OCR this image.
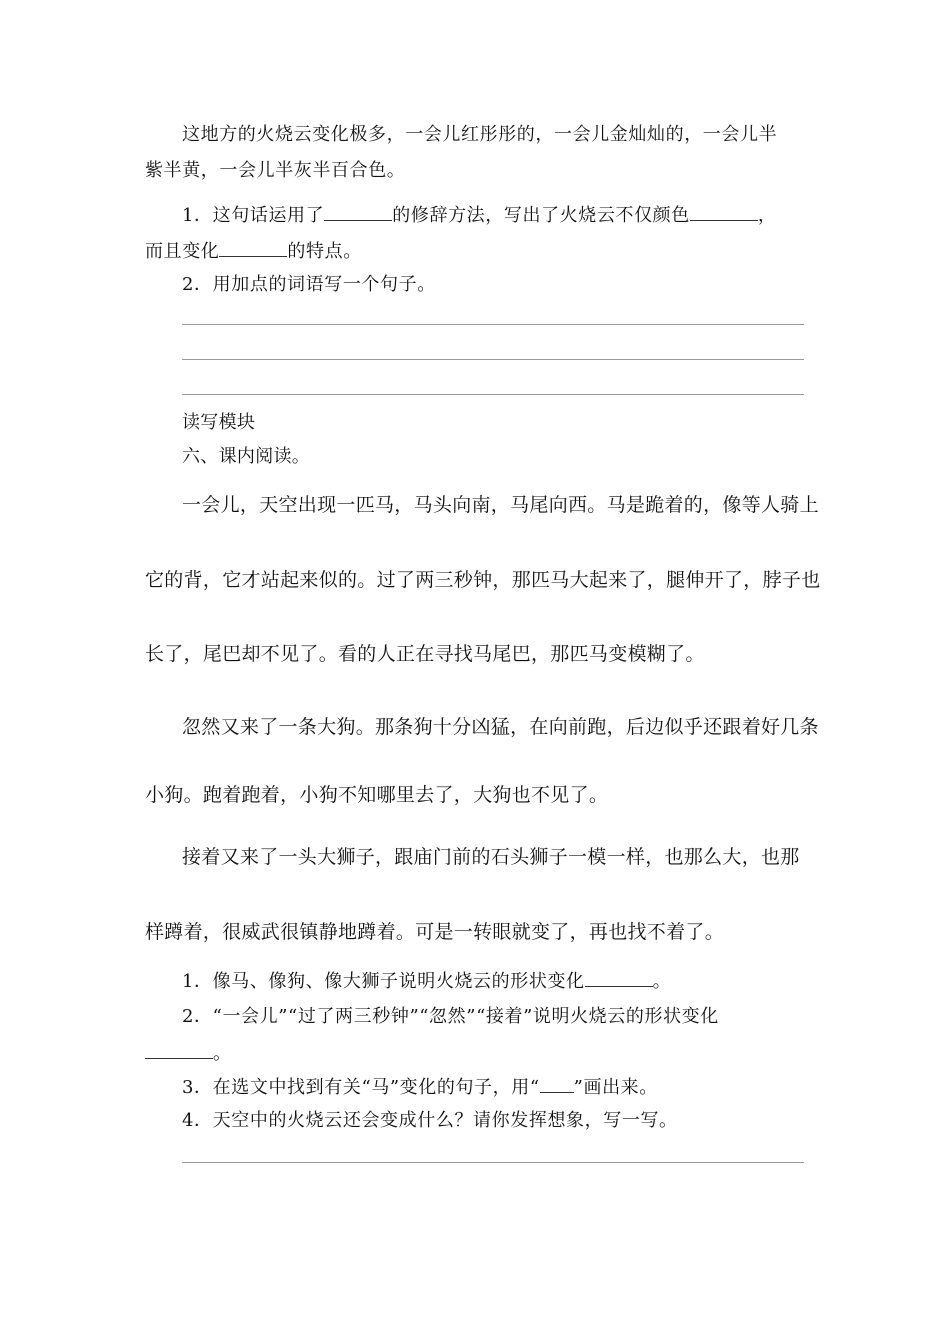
这地方的火烧云变化极多，一会儿红彤彤的，一会儿金灿灿的，一会儿半
紫半黄，一会儿半灰半百合色。
1．这句话运用了	的修辞方法，写出了火烧云不仅颜色	，
而且变化	的特点。
2．用加点的词语写一个句子。
读写模块
六、课内阅读。
一会儿，天空出现一匹马，马头向南，马尾向西。马是跪着的，像等人骑上
它的背，它才站起来似的。过了两三秒钟，那匹马大起来了，腿伸开了，脖子也
长了，尾巴却不见了。看的人正在寻找马尾巴，那匹马变模糊了。
忽然又来了一条大狗。那条狗十分凶猛，在向前跑，后边似乎还跟着好几条
小狗。跑着跑着，小狗不知哪里去了，大狗也不见了。
接着又来了一头大狮子，跟庙门前的石头狮子一模一样，也那么大，也那
样蹲着，很威武很镇静地蹲着。可是一转眼就变了，再也找不着了。
1．像马、像狗、像大狮子说明火烧云的形状变化	。
2．“一会儿”“过了两三秒钟”“忽然”“接着”说明火烧云的形状变化
。
3．在选文中找到有关“马”变化的句子，用“ ”画出来。
4．天空中的火烧云还会变成什么？请你发挥想象，写一写。
